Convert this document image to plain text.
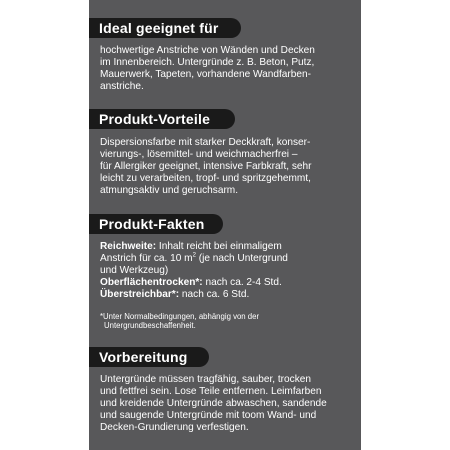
Ideal geeignet für
hochwertige Anstriche von Wänden und Decken
im Innenbereich. Untergründe z. B. Beton, Putz,
Mauerwerk, Tapeten, vorhandene Wandfarben-
anstriche.
Produkt-Vorteile
Dispersionsfarbe mit starker Deckkraft, konser-
vierungs-, lösemittel- und weichmacherfrei –
für Allergiker geeignet, intensive Farbkraft, sehr
leicht zu verarbeiten, tropf- und spritzgehemmt,
atmungsaktiv und geruchsarm.
Produkt-Fakten
Reichweite: Inhalt reicht bei einmaligem
Anstrich für ca. 10 $m^2$ (je nach Untergrund
und Werkzeug)
Oberflächentrocken*: nach ca. 2-4 Std.
Überstreichbar*: nach ca. 6 Std.
*Unter Normalbedingungen, abhängig von der
Untergrundbeschaffenheit.
Vorbereitung
Untergründe müssen tragfähig, sauber, trocken
und fettfrei sein. Lose Teile entfernen. Leimfarben
und kreidende Untergründe abwaschen, sandende
und saugende Untergründe mit toom Wand- und
Decken-Grundierung verfestigen.
